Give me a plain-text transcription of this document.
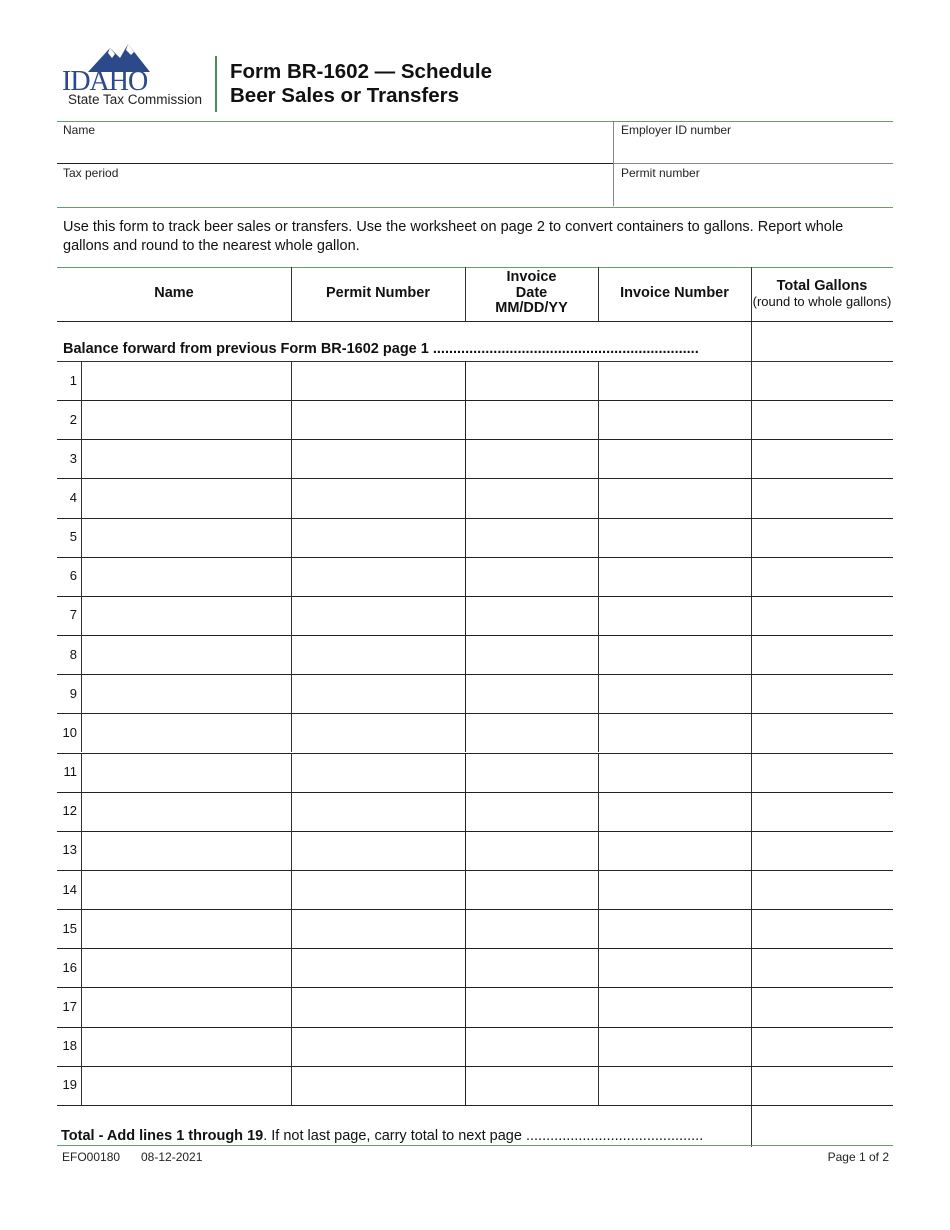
IDAHO
State Tax Commission
Form BR-1602 — Schedule
Beer Sales or Transfers
Name	Employer ID number
Tax period	Permit number
Use this form to track beer sales or transfers. Use the worksheet on page 2 to convert containers to gallons. Report whole gallons and round to the nearest whole gallon.
Name	Permit Number
Invoice
Date
MM/DD/YY
Invoice Number	Total Gallons
(round to whole gallons)
Balance forward from previous Form BR-1602 page 1 ..................................................................
1
2
3
4
5
6
7
8
9
10
11
12
13
14
15
16
17
18
19
Total - Add lines 1 through 19. If not last page, carry total to next page ............................................
EFO00180 08-12-2021	Page 1 of 2
